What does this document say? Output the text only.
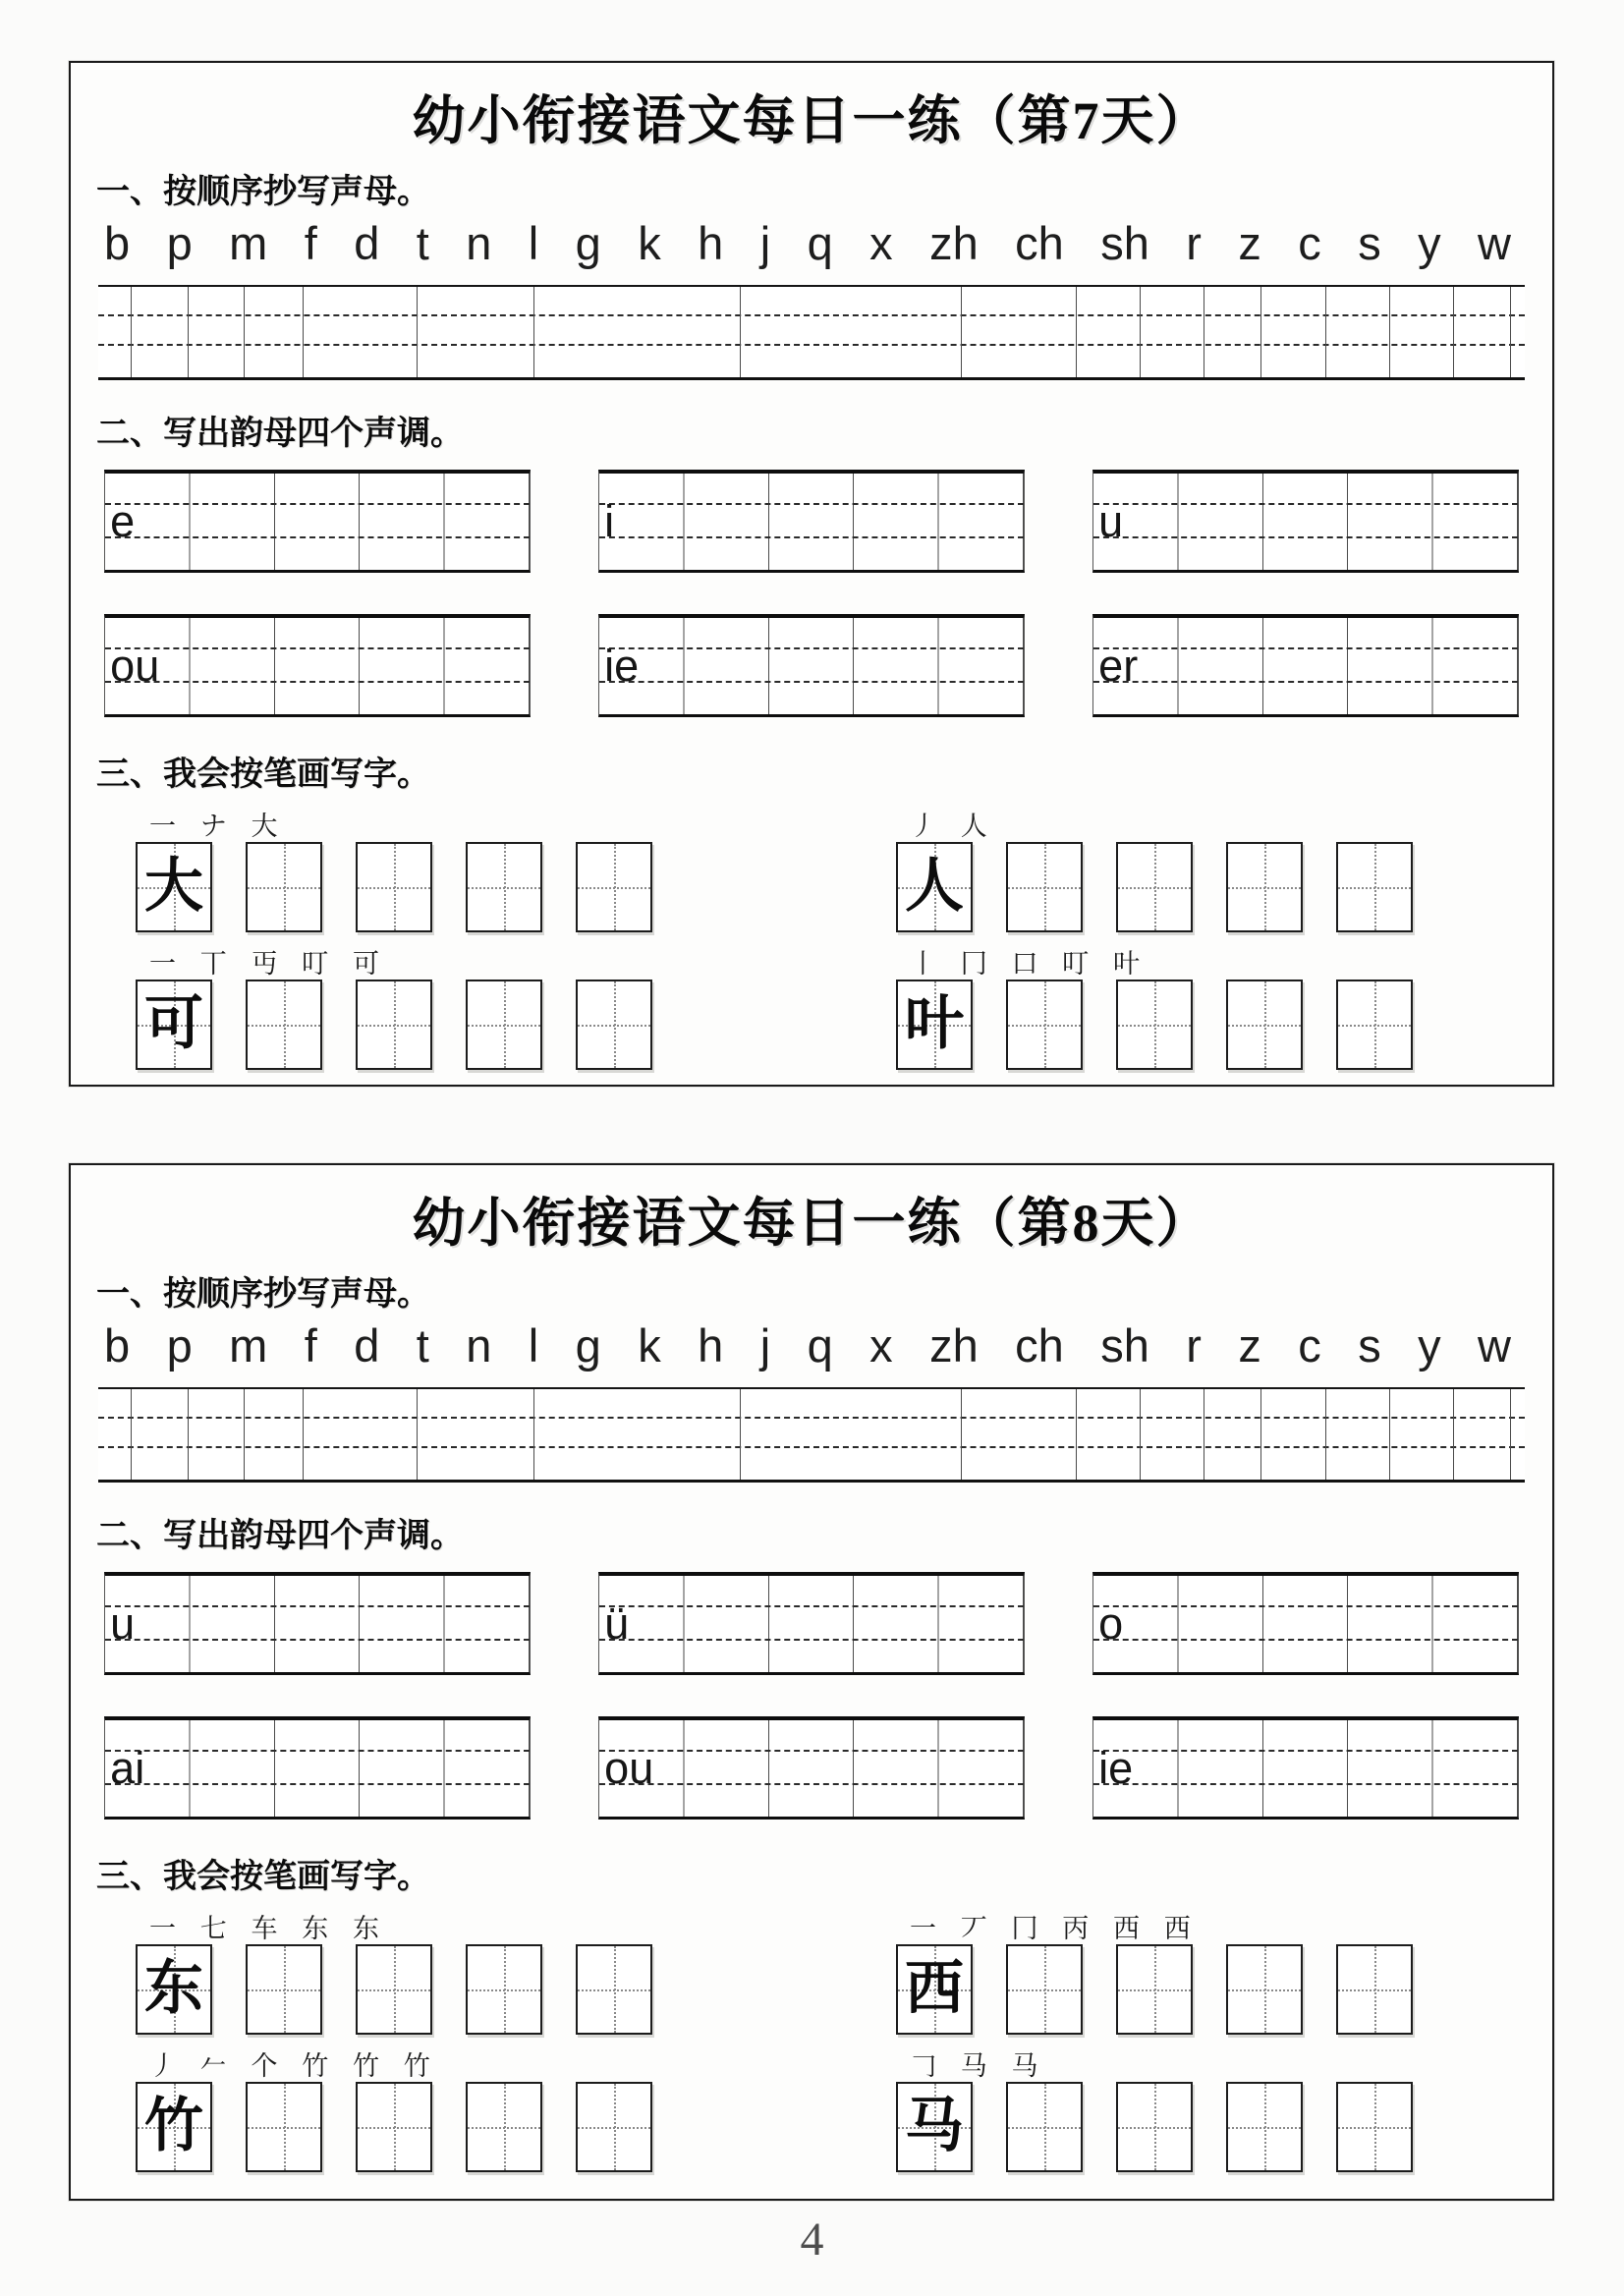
幼小衔接语文每日一练（第7天）
一、按顺序抄写声母。
b p m f d t n l g k h j q x zh ch sh r z c s y w
二、写出韵母四个声调。
e	i	u
ou	ie	er
三、我会按笔画写字。
一 ナ 大
大
丿 人
人
一 丅 丏 叮 可
可
丨 冂 口 叮 叶
叶
幼小衔接语文每日一练（第8天）
一、按顺序抄写声母。
b p m f d t n l g k h j q x zh ch sh r z c s y w
二、写出韵母四个声调。
u	ü	o
ai	ou	ie
三、我会按笔画写字。
一 七 车 东 东
东
一 丆 冂 丙 西 西
西
丿 𠂉 个 竹 竹 竹
竹
𠃌 马 马
马
4
